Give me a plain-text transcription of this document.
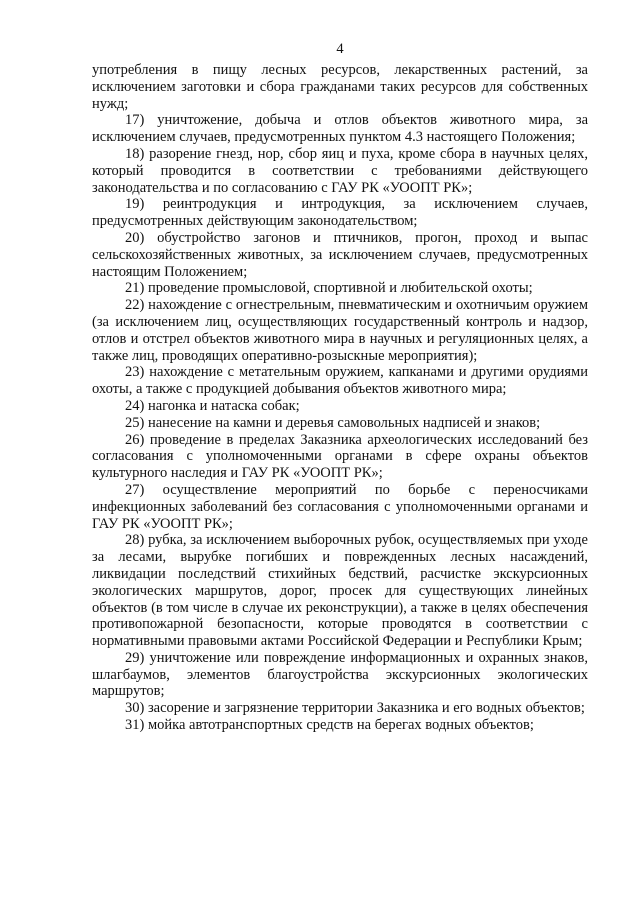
4

употребления в пищу лесных ресурсов, лекарственных растений, за исключением заготовки и сбора гражданами таких ресурсов для собственных нужд;

17) уничтожение, добыча и отлов объектов животного мира, за исключением случаев, предусмотренных пунктом 4.3 настоящего Положения;

18) разорение гнезд, нор, сбор яиц и пуха, кроме сбора в научных целях, который проводится в соответствии с требованиями действующего законодательства и по согласованию с ГАУ РК «УООПТ РК»;

19) реинтродукция и интродукция, за исключением случаев, предусмотренных действующим законодательством;

20) обустройство загонов и птичников, прогон, проход и выпас сельскохозяйственных животных, за исключением случаев, предусмотренных настоящим Положением;

21) проведение промысловой, спортивной и любительской охоты;

22) нахождение с огнестрельным, пневматическим и охотничьим оружием (за исключением лиц, осуществляющих государственный контроль и надзор, отлов и отстрел объектов животного мира в научных и регуляционных целях, а также лиц, проводящих оперативно-розыскные мероприятия);

23) нахождение с метательным оружием, капканами и другими орудиями охоты, а также с продукцией добывания объектов животного мира;

24) нагонка и натаска собак;

25) нанесение на камни и деревья самовольных надписей и знаков;

26) проведение в пределах Заказника археологических исследований без согласования с уполномоченными органами в сфере охраны объектов культурного наследия и ГАУ РК «УООПТ РК»;

27) осуществление мероприятий по борьбе с переносчиками инфекционных заболеваний без согласования с уполномоченными органами и ГАУ РК «УООПТ РК»;

28) рубка, за исключением выборочных рубок, осуществляемых при уходе за лесами, вырубке погибших и поврежденных лесных насаждений, ликвидации последствий стихийных бедствий, расчистке экскурсионных экологических маршрутов, дорог, просек для существующих линейных объектов (в том числе в случае их реконструкции), а также в целях обеспечения противопожарной безопасности, которые проводятся в соответствии с нормативными правовыми актами Российской Федерации и Республики Крым;

29) уничтожение или повреждение информационных и охранных знаков, шлагбаумов, элементов благоустройства экскурсионных экологических маршрутов;

30) засорение и загрязнение территории Заказника и его водных объектов;

31) мойка автотранспортных средств на берегах водных объектов;
